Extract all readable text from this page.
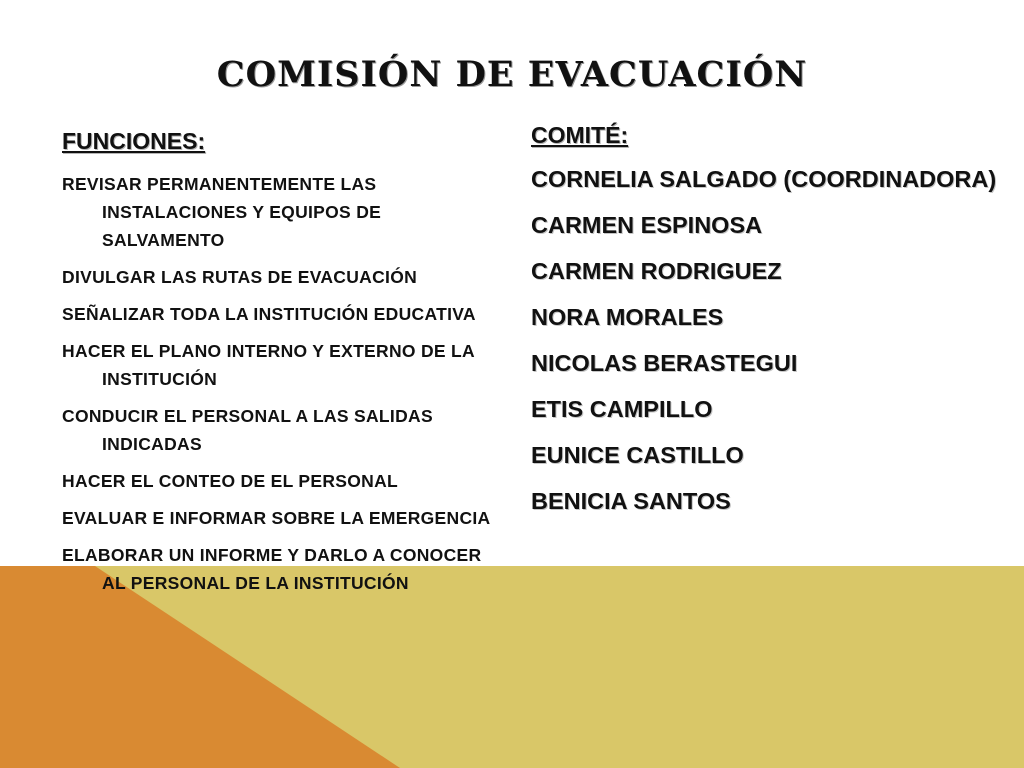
COMISIÓN DE EVACUACIÓN
FUNCIONES:
REVISAR PERMANENTEMENTE LAS INSTALACIONES Y EQUIPOS DE SALVAMENTO
DIVULGAR LAS RUTAS DE EVACUACIÓN
SEÑALIZAR TODA LA INSTITUCIÓN EDUCATIVA
HACER EL PLANO INTERNO Y EXTERNO DE LA INSTITUCIÓN
CONDUCIR EL PERSONAL A LAS SALIDAS INDICADAS
HACER EL CONTEO DE EL PERSONAL
EVALUAR E INFORMAR SOBRE LA EMERGENCIA
ELABORAR UN INFORME Y DARLO A CONOCER AL PERSONAL DE LA INSTITUCIÓN
COMITÉ:
CORNELIA SALGADO (COORDINADORA)
CARMEN ESPINOSA
CARMEN RODRIGUEZ
NORA MORALES
NICOLAS BERASTEGUI
ETIS CAMPILLO
EUNICE CASTILLO
BENICIA SANTOS
